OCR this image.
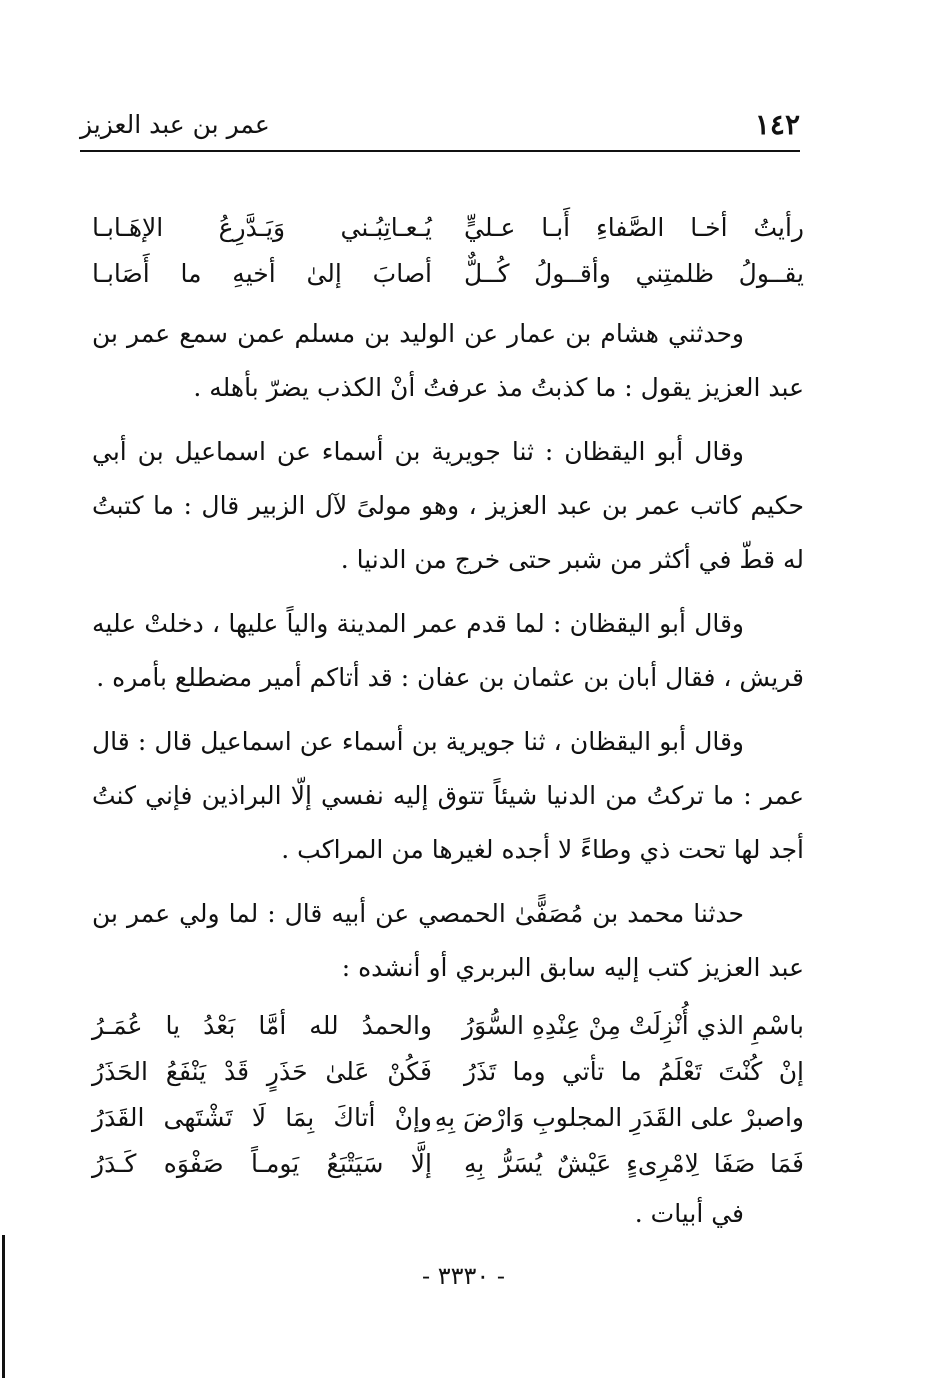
١٤٢
عمر بن عبد العزيز
رأيتُ أخـا الصَّفاءِ أَبـا عـليٍّ
يُـعـاتِبُـني وَيَـدَّرِعُ الإهَـابـا
يقــولُ ظلمتِني وأقــولُ كُــلٌّ
أصابَ إلىٰ أخيهِ ما أَصَابـا

وحدثني هشام بن عمار عن الوليد بن مسلم عمن سمع عمر بن عبد العزيز يقول : ما كذبتُ مذ عرفتُ أنْ الكذب يضرّ بأهله .

وقال أبو اليقظان : ثنا جويرية بن أسماء عن اسماعيل بن أبي حكيم كاتب عمر بن عبد العزيز ، وهو مولىً لآل الزبير قال : ما كتبتُ له قطّ في أكثر من شبر حتى خرج من الدنيا .

وقال أبو اليقظان : لما قدم عمر المدينة والياً عليها ، دخلتْ عليه قريش ، فقال أبان بن عثمان بن عفان : قد أتاكم أمير مضطلع بأمره .

وقال أبو اليقظان ، ثنا جويرية بن أسماء عن اسماعيل قال : قال عمر : ما تركتُ من الدنيا شيئاً تتوق إليه نفسي إلّا البراذين فإني كنتُ أجد لها تحت ذي وطاءً لا أجده لغيرها من المراكب .

حدثنا محمد بن مُصَفًّىٰ الحمصي عن أبيه قال : لما ولي عمر بن عبد العزيز كتب إليه سابق البربري أو أنشده :

باسْمِ الذي أُنْزِلَتْ مِنْ عِنْدِهِ السُّوَرُ
والحمدُ لله أمَّا بَعْدُ يا عُمَـرُ
إنْ كُنْتَ تَعْلَمُ ما تأتي وما تَذَرُ
فَكُنْ عَلىٰ حَذَرٍ قَدْ يَنْفَعُ الحَذَرُ
واصبرْ على القَدَرِ المجلوبِ وَارْضَ بِهِ
وإنْ أتاكَ بِمَا لَا تَشْتَهى القَدَرُ
فَمَا صَفَا لِامْرِىءٍ عَيْشٌ يُسَرُّ بِهِ
إلَّا سَيَتْبَعُ يَومـاً صَفْوَه كَـدَرُ
في أبيات .
- ٣٣٣٠ -
